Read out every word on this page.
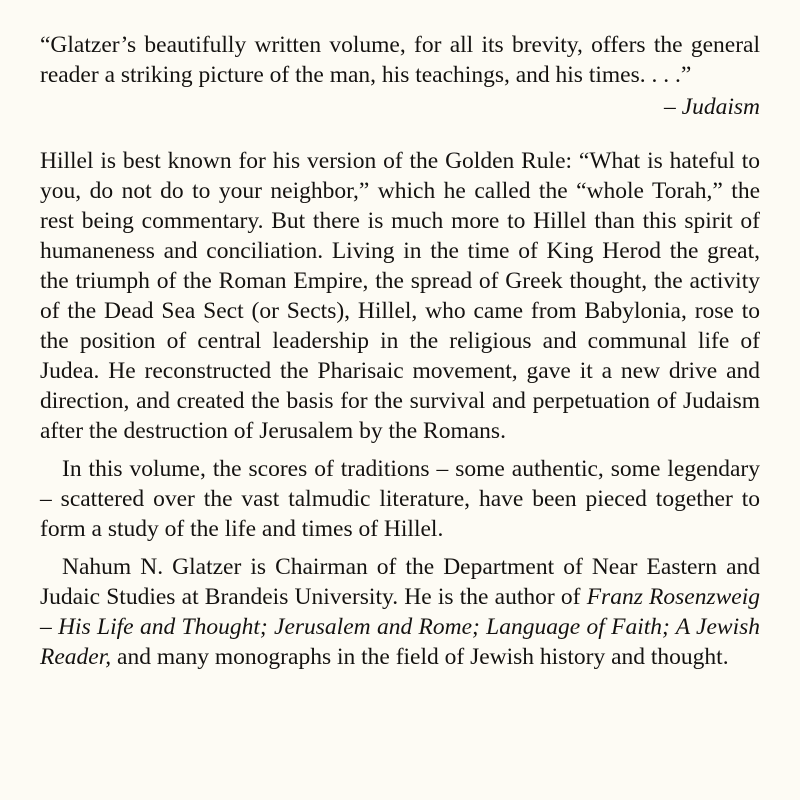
“Glatzer’s beautifully written volume, for all its brevity, offers the general reader a striking picture of the man, his teachings, and his times. . . .”
– Judaism

Hillel is best known for his version of the Golden Rule: “What is hateful to you, do not do to your neighbor,” which he called the “whole Torah,” the rest being commentary. But there is much more to Hillel than this spirit of humaneness and conciliation. Living in the time of King Herod the great, the triumph of the Roman Empire, the spread of Greek thought, the activity of the Dead Sea Sect (or Sects), Hillel, who came from Babylonia, rose to the position of central leadership in the religious and communal life of Judea. He reconstructed the Pharisaic movement, gave it a new drive and direction, and created the basis for the survival and perpetuation of Judaism after the destruction of Jerusalem by the Romans.

In this volume, the scores of traditions – some authentic, some legendary – scattered over the vast talmudic literature, have been pieced together to form a study of the life and times of Hillel.

Nahum N. Glatzer is Chairman of the Department of Near Eastern and Judaic Studies at Brandeis University. He is the author of Franz Rosenzweig – His Life and Thought; Jerusalem and Rome; Language of Faith; A Jewish Reader, and many monographs in the field of Jewish history and thought.
